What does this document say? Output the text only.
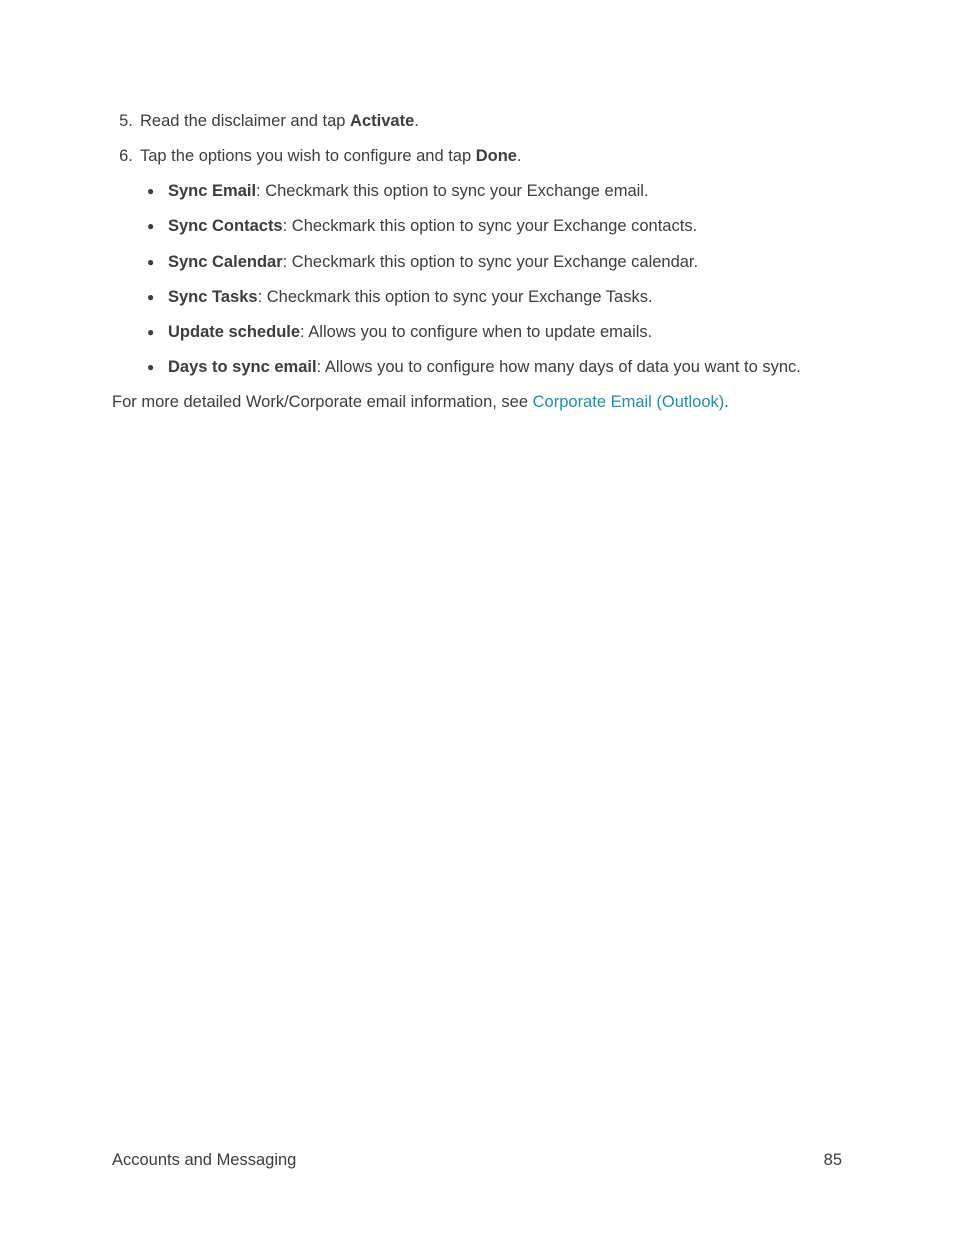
5. Read the disclaimer and tap Activate.
6. Tap the options you wish to configure and tap Done.
● Sync Email: Checkmark this option to sync your Exchange email.
● Sync Contacts: Checkmark this option to sync your Exchange contacts.
● Sync Calendar: Checkmark this option to sync your Exchange calendar.
● Sync Tasks: Checkmark this option to sync your Exchange Tasks.
● Update schedule: Allows you to configure when to update emails.
● Days to sync email: Allows you to configure how many days of data you want to sync.
For more detailed Work/Corporate email information, see Corporate Email (Outlook).
Accounts and Messaging	85
